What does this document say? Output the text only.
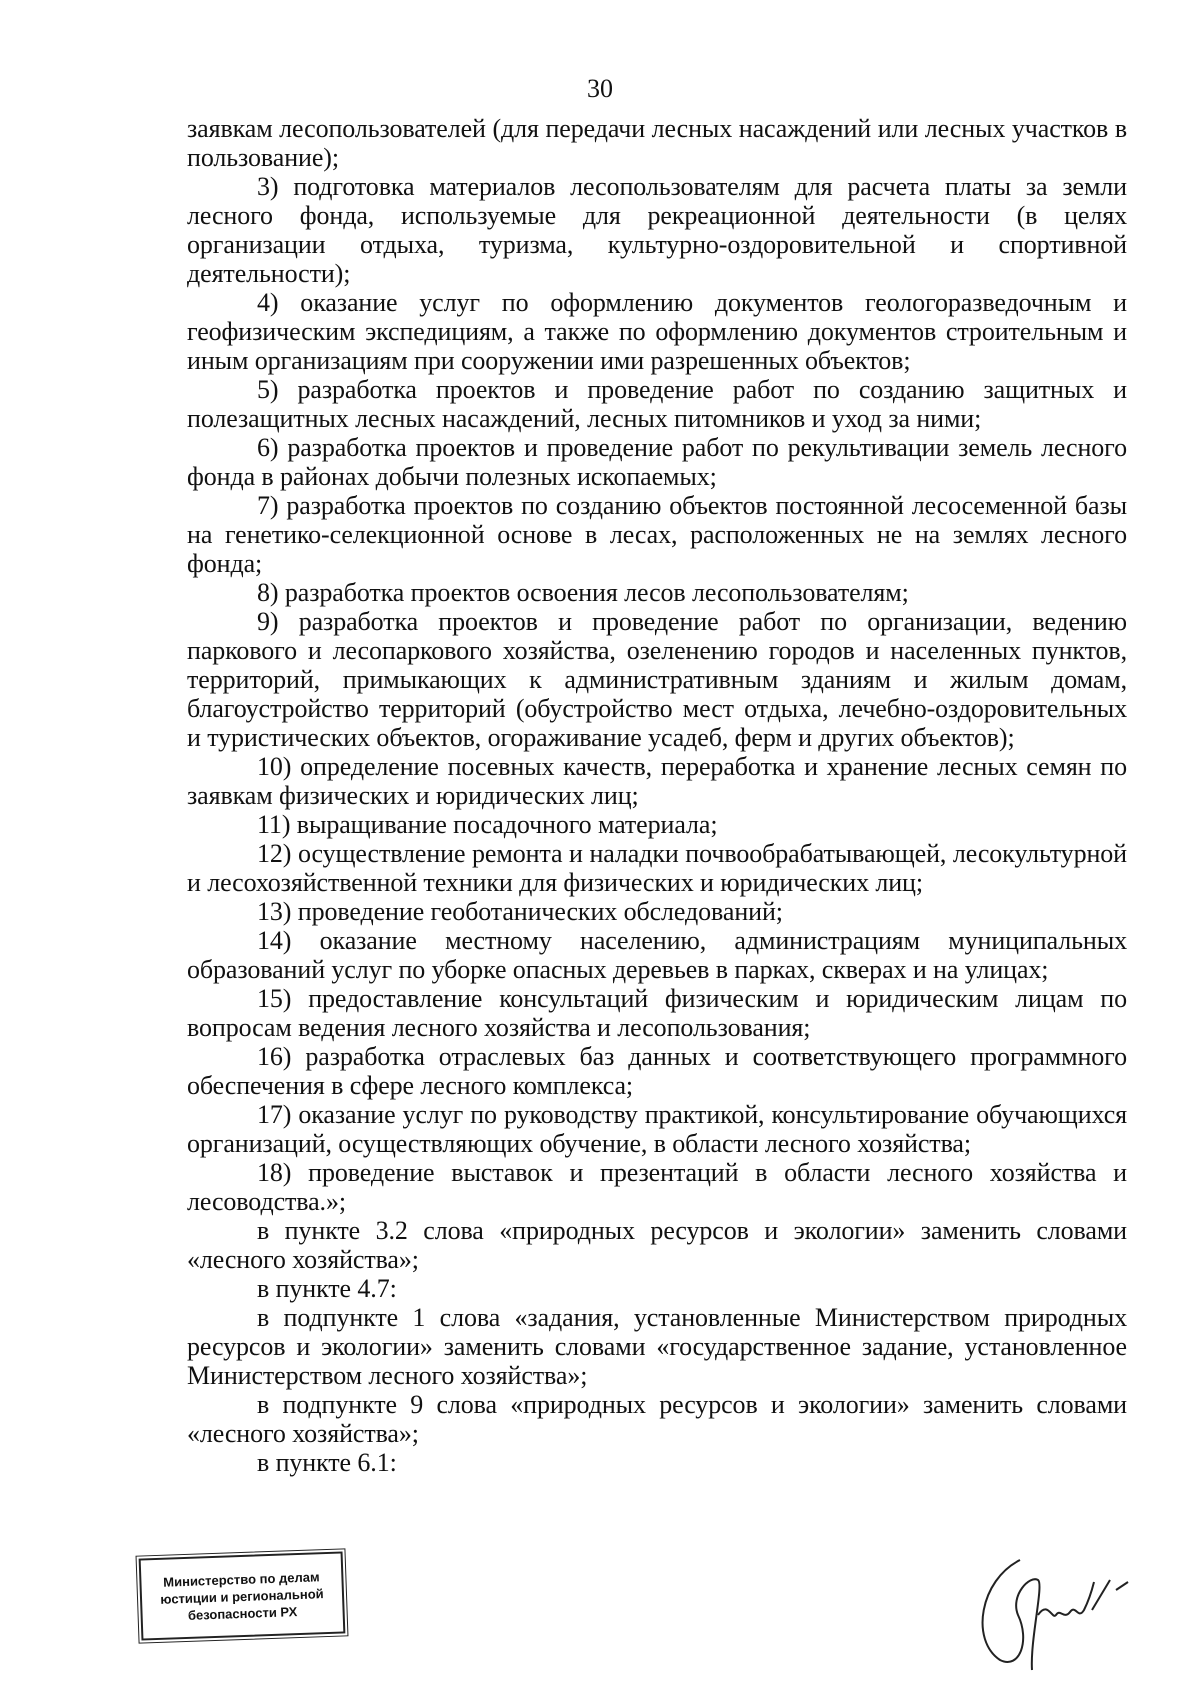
30

заявкам лесопользователей (для передачи лесных насаждений или лесных участков в пользование);

3) подготовка материалов лесопользователям для расчета платы за земли лесного фонда, используемые для рекреационной деятельности (в целях организации отдыха, туризма, культурно-оздоровительной и спортивной деятельности);

4) оказание услуг по оформлению документов геологоразведочным и геофизическим экспедициям, а также по оформлению документов строительным и иным организациям при сооружении ими разрешенных объектов;

5) разработка проектов и проведение работ по созданию защитных и полезащитных лесных насаждений, лесных питомников и уход за ними;

6) разработка проектов и проведение работ по рекультивации земель лесного фонда в районах добычи полезных ископаемых;

7) разработка проектов по созданию объектов постоянной лесосеменной базы на генетико-селекционной основе в лесах, расположенных не на землях лесного фонда;

8) разработка проектов освоения лесов лесопользователям;

9) разработка проектов и проведение работ по организации, ведению паркового и лесопаркового хозяйства, озеленению городов и населенных пунктов, территорий, примыкающих к административным зданиям и жилым домам, благоустройство территорий (обустройство мест отдыха, лечебно-оздоровительных и туристических объектов, огораживание усадеб, ферм и других объектов);

10) определение посевных качеств, переработка и хранение лесных семян по заявкам физических и юридических лиц;

11) выращивание посадочного материала;

12) осуществление ремонта и наладки почвообрабатывающей, лесокультурной и лесохозяйственной техники для физических и юридических лиц;

13) проведение геоботанических обследований;

14) оказание местному населению, администрациям муниципальных образований услуг по уборке опасных деревьев в парках, скверах и на улицах;

15) предоставление консультаций физическим и юридическим лицам по вопросам ведения лесного хозяйства и лесопользования;

16) разработка отраслевых баз данных и соответствующего программного обеспечения в сфере лесного комплекса;

17) оказание услуг по руководству практикой, консультирование обучающихся организаций, осуществляющих обучение, в области лесного хозяйства;

18) проведение выставок и презентаций в области лесного хозяйства и лесоводства.»;

в пункте 3.2 слова «природных ресурсов и экологии» заменить словами «лесного хозяйства»;

в пункте 4.7:

в подпункте 1 слова «задания, установленные Министерством природных ресурсов и экологии» заменить словами «государственное задание, установленное Министерством лесного хозяйства»;

в подпункте 9 слова «природных ресурсов и экологии» заменить словами «лесного хозяйства»;

в пункте 6.1:

Министерство по делам
юстиции и региональной
безопасности РХ
